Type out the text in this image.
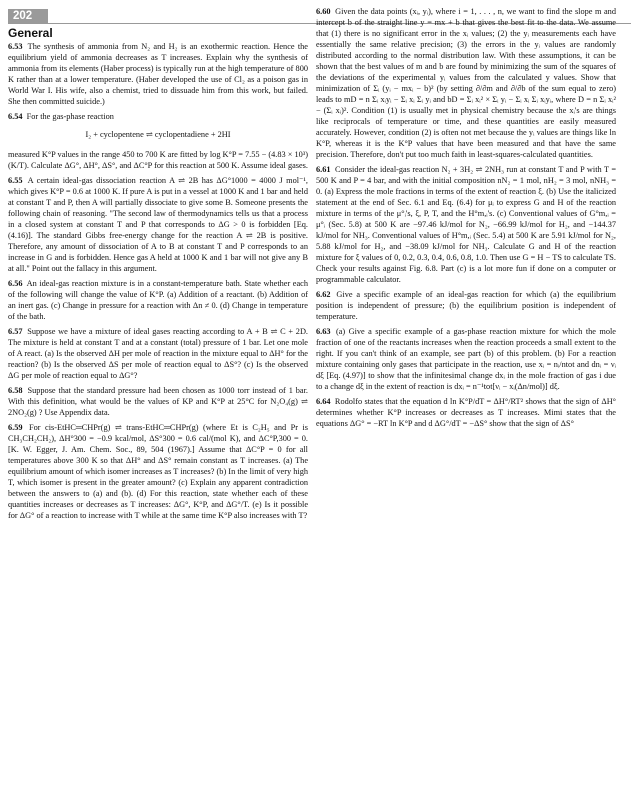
202
General

6.53 The synthesis of ammonia from N₂ and H₂ is an exothermic reaction. Hence the equilibrium yield of ammonia decreases as T increases. Explain why the synthesis of ammonia from its elements (Haber process) is typically run at the high temperature of 800 K rather than at a lower temperature. (Haber developed the use of Cl₂ as a poison gas in World War I. His wife, also a chemist, tried to dissuade him from this work, but failed. She then committed suicide.)

6.54 For the gas-phase reaction

I₂ + cyclopentene ⇌ cyclopentadiene + 2HI

measured K°P values in the range 450 to 700 K are fitted by log K°P = 7.55 − (4.83 × 10³)(K/T). Calculate ΔG°, ΔH°, ΔS°, and ΔC°P for this reaction at 500 K. Assume ideal gases.

6.55 A certain ideal-gas dissociation reaction A ⇌ 2B has ΔG°1000 = 4000 J mol⁻¹, which gives K°P = 0.6 at 1000 K. If pure A is put in a vessel at 1000 K and 1 bar and held at constant T and P, then A will partially dissociate to give some B. Someone presents the following chain of reasoning. "The second law of thermodynamics tells us that a process in a closed system at constant T and P that corresponds to ΔG > 0 is forbidden [Eq. (4.16)]. The standard Gibbs free-energy change for the reaction A ⇌ 2B is positive. Therefore, any amount of dissociation of A to B at constant T and P corresponds to an increase in G and is forbidden. Hence gas A held at 1000 K and 1 bar will not give any B at all." Point out the fallacy in this argument.

6.56 An ideal-gas reaction mixture is in a constant-temperature bath. State whether each of the following will change the value of K°P. (a) Addition of a reactant. (b) Addition of an inert gas. (c) Change in pressure for a reaction with Δn ≠ 0. (d) Change in temperature of the bath.

6.57 Suppose we have a mixture of ideal gases reacting according to A + B ⇌ C + 2D. The mixture is held at constant T and at a constant (total) pressure of 1 bar. Let one mole of A react. (a) Is the observed ΔH per mole of reaction in the mixture equal to ΔH° for the reaction? (b) Is the observed ΔS per mole of reaction equal to ΔS°? (c) Is the observed ΔG per mole of reaction equal to ΔG°?

6.58 Suppose that the standard pressure had been chosen as 1000 torr instead of 1 bar. With this definition, what would be the values of KP and K°P at 25°C for N₂O₄(g) ⇌ 2NO₂(g) ? Use Appendix data.

6.59 For cis-EtHC═CHPr(g) ⇌ trans-EtHC═CHPr(g) (where Et is C₂H₅ and Pr is CH₃CH₂CH₂), ΔH°300 = −0.9 kcal/mol, ΔS°300 = 0.6 cal/(mol K), and ΔC°P,300 = 0. [K. W. Egger, J. Am. Chem. Soc., 89, 504 (1967).] Assume that ΔC°P = 0 for all temperatures above 300 K so that ΔH° and ΔS° remain constant as T increases. (a) The equilibrium amount of which isomer increases as T increases? (b) In the limit of very high T, which isomer is present in the greater amount? (c) Explain any apparent contradiction between the answers to (a) and (b). (d) For this reaction, state whether each of these quantities increases or decreases as T increases: ΔG°, K°P, and ΔG°/T. (e) Is it possible for ΔG° of a reaction to increase with T while at the same time K°P also increases with T?

6.60 Given the data points (xᵢ, yᵢ), where i = 1, . . . , n, we want to find the slope m and intercept b of the straight line y = mx + b that gives the best fit to the data. We assume that (1) there is no significant error in the xᵢ values; (2) the yᵢ measurements each have essentially the same relative precision; (3) the errors in the yᵢ values are randomly distributed according to the normal distribution law. With these assumptions, it can be shown that the best values of m and b are found by minimizing the sum of the squares of the deviations of the experimental yᵢ values from the calculated y values. Show that minimization of Σᵢ (yᵢ − mxᵢ − b)² (by setting ∂/∂m and ∂/∂b of the sum equal to zero) leads to mD = n Σᵢ xᵢyᵢ − Σᵢ xᵢ Σᵢ yᵢ and bD = Σᵢ xᵢ² × Σᵢ yᵢ − Σᵢ xᵢ Σᵢ xᵢyᵢ, where D = n Σᵢ xᵢ² − (Σᵢ xᵢ)². Condition (1) is usually met in physical chemistry because the xᵢ's are things like reciprocals of temperature or time, and these quantities are easily measured accurately. However, condition (2) is often not met because the yᵢ values are things like ln K°P, whereas it is the K°P values that have been measured and that have the same precision. Therefore, don't put too much faith in least-squares-calculated quantities.

6.61 Consider the ideal-gas reaction N₂ + 3H₂ ⇌ 2NH₃ run at constant T and P with T = 500 K and P = 4 bar, and with the initial composition nN₂ = 1 mol, nH₂ = 3 mol, nNH₃ = 0. (a) Express the mole fractions in terms of the extent of reaction ξ. (b) Use the italicized statement at the end of Sec. 6.1 and Eq. (6.4) for μᵢ to express G and H of the reaction mixture in terms of the μ°ᵢ's, ξ, P, T, and the H°m,ᵢ's. (c) Conventional values of G°m,ᵢ = μ°ᵢ (Sec. 5.8) at 500 K are −97.46 kJ/mol for N₂, −66.99 kJ/mol for H₂, and −144.37 kJ/mol for NH₃. Conventional values of H°m,ᵢ (Sec. 5.4) at 500 K are 5.91 kJ/mol for N₂, 5.88 kJ/mol for H₂, and −38.09 kJ/mol for NH₃. Calculate G and H of the reaction mixture for ξ values of 0, 0.2, 0.3, 0.4, 0.6, 0.8, 1.0. Then use G = H − TS to calculate TS. Check your results against Fig. 6.8. Part (c) is a lot more fun if done on a computer or programmable calculator.

6.62 Give a specific example of an ideal-gas reaction for which (a) the equilibrium position is independent of pressure; (b) the equilibrium position is independent of temperature.

6.63 (a) Give a specific example of a gas-phase reaction mixture for which the mole fraction of one of the reactants increases when the reaction proceeds a small extent to the right. If you can't think of an example, see part (b) of this problem. (b) For a reaction mixture containing only gases that participate in the reaction, use xᵢ = nᵢ/ntot and dnᵢ = νᵢ dξ [Eq. (4.97)] to show that the infinitesimal change dxᵢ in the mole fraction of gas i due to a change dξ in the extent of reaction is dxᵢ = n⁻¹tot[νᵢ − xᵢ(Δn/mol)] dξ.

6.64 Rodolfo states that the equation d ln K°P/dT = ΔH°/RT² shows that the sign of ΔH° determines whether K°P increases or decreases as T increases. Mimi states that the equations ΔG° = −RT ln K°P and d ΔG°/dT = −ΔS° show that the sign of ΔS°
